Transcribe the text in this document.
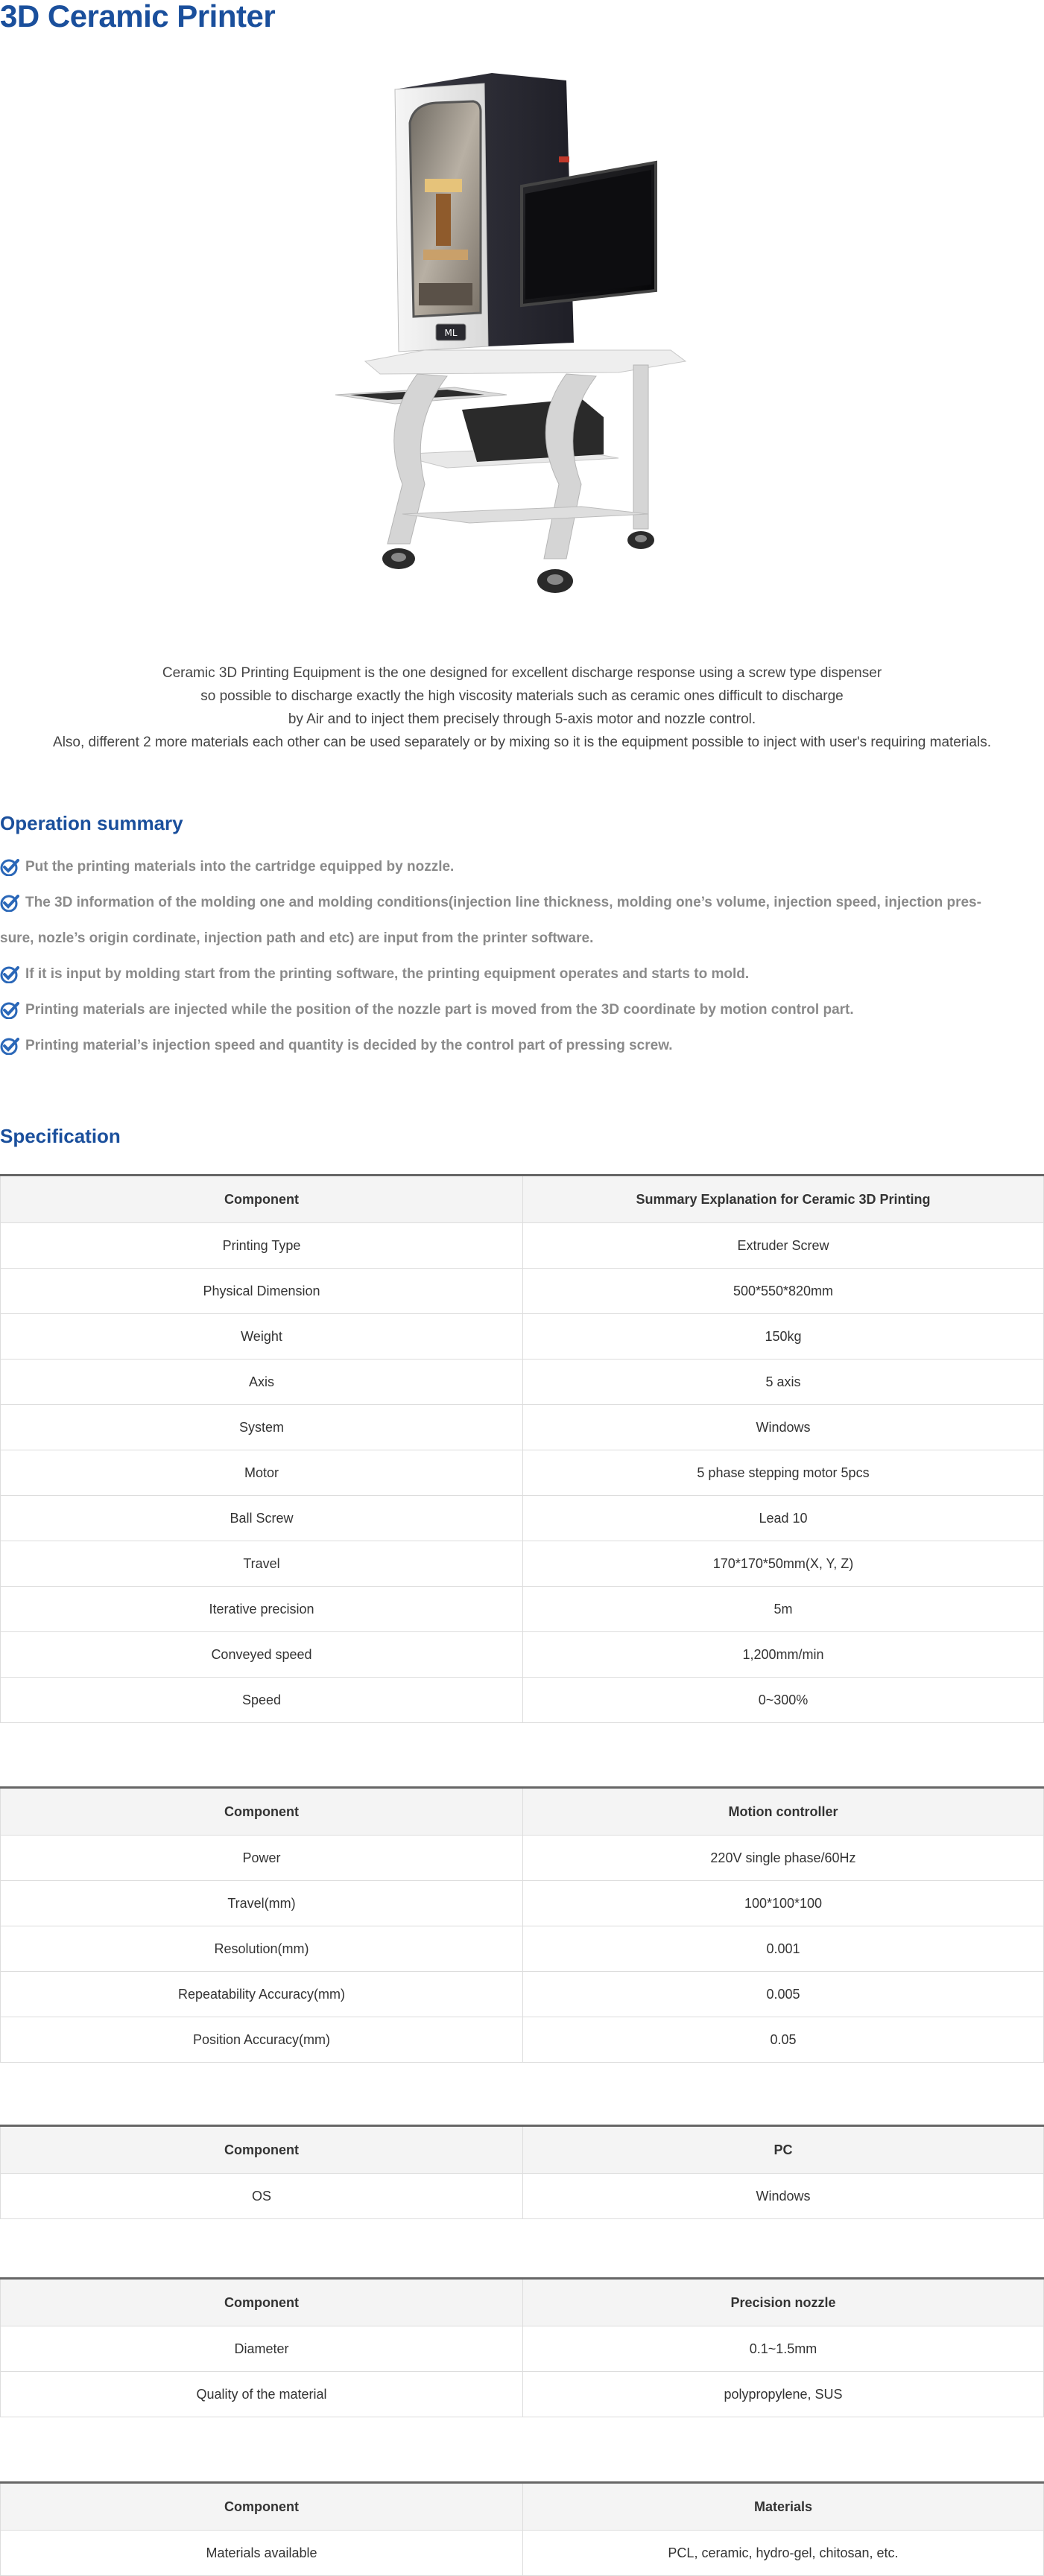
3D Ceramic Printer
ML

Ceramic 3D Printing Equipment is the one designed for excellent discharge response using a screw type dispenser

so possible to discharge exactly the high viscosity materials such as ceramic ones difficult to discharge

by Air and to inject them precisely through 5-axis motor and nozzle control.

Also, different 2 more materials each other can be used separately or by mixing so it is the equipment possible to inject with user's requiring materials.

Operation summary
Put the printing materials into the cartridge equipped by nozzle.
The 3D information of the molding one and molding conditions(injection line thickness, molding one’s volume, injection speed, injection pres-
sure, nozle’s origin cordinate, injection path and etc) are input from the printer software.
If it is input by molding start from the printing software, the printing equipment operates and starts to mold.
Printing materials are injected while the position of the nozzle part is moved from the 3D coordinate by motion control part.
Printing material’s injection speed and quantity is decided by the control part of pressing screw.
Specification
Component	Summary Explanation for Ceramic 3D Printing
Printing Type	Extruder Screw
Physical Dimension	500*550*820mm
Weight	150kg
Axis	5 axis
System	Windows
Motor	5 phase stepping motor 5pcs
Ball Screw	Lead 10
Travel	170*170*50mm(X, Y, Z)
Iterative precision	5m
Conveyed speed	1,200mm/min
Speed	0~300%
Component	Motion controller
Power	220V single phase/60Hz
Travel(mm)	100*100*100
Resolution(mm)	0.001
Repeatability Accuracy(mm)	0.005
Position Accuracy(mm)	0.05
Component	PC
OS	Windows
Component	Precision nozzle
Diameter	0.1~1.5mm
Quality of the material	polypropylene, SUS
Component	Materials
Materials available	PCL, ceramic, hydro-gel, chitosan, etc.
